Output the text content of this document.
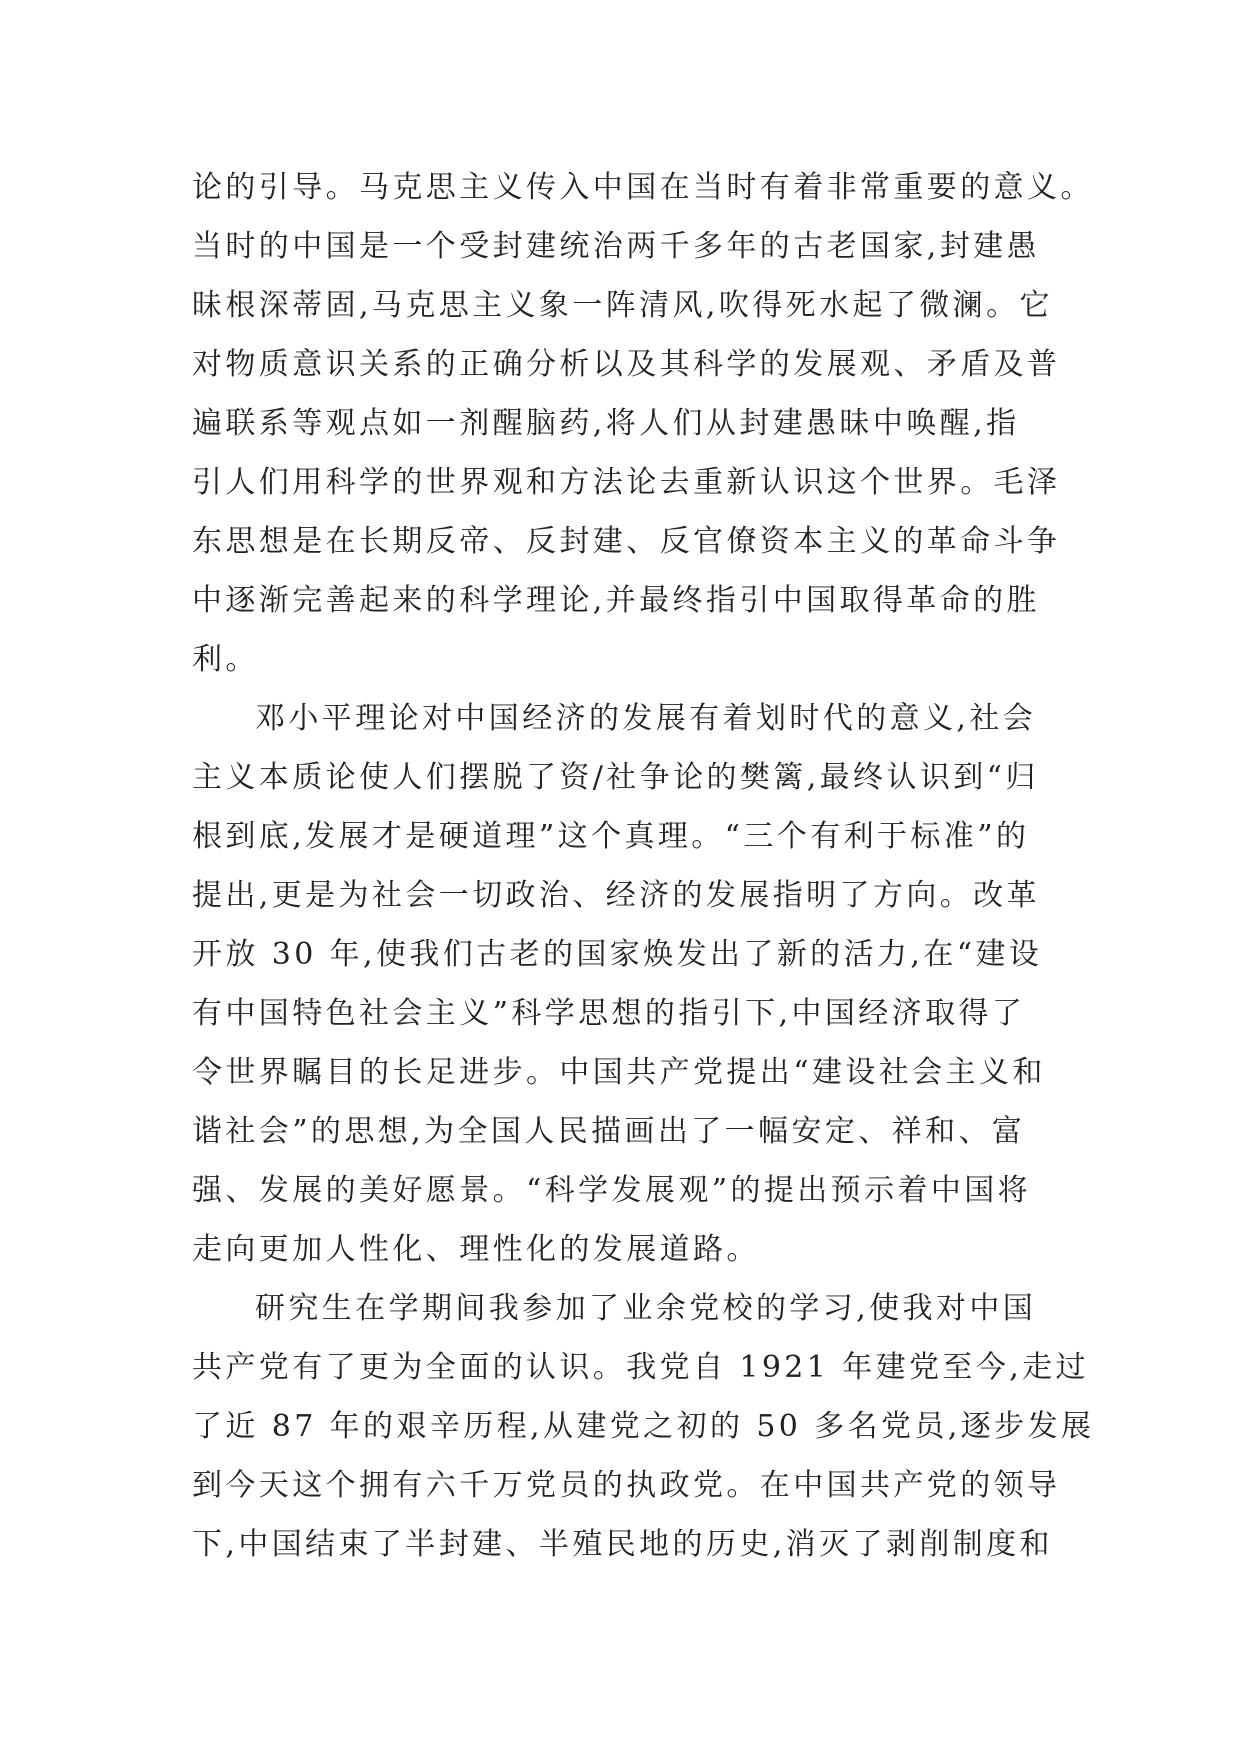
论的引导。马克思主义传入中国在当时有着非常重要的意义。
当时的中国是一个受封建统治两千多年的古老国家,封建愚
昧根深蒂固,马克思主义象一阵清风,吹得死水起了微澜。它
对物质意识关系的正确分析以及其科学的发展观、矛盾及普
遍联系等观点如一剂醒脑药,将人们从封建愚昧中唤醒,指
引人们用科学的世界观和方法论去重新认识这个世界。毛泽
东思想是在长期反帝、反封建、反官僚资本主义的革命斗争
中逐渐完善起来的科学理论,并最终指引中国取得革命的胜
利。
邓小平理论对中国经济的发展有着划时代的意义,社会
主义本质论使人们摆脱了资/社争论的樊篱,最终认识到“归
根到底,发展才是硬道理”这个真理。“三个有利于标准”的
提出,更是为社会一切政治、经济的发展指明了方向。改革
开放 30 年,使我们古老的国家焕发出了新的活力,在“建设
有中国特色社会主义”科学思想的指引下,中国经济取得了
令世界瞩目的长足进步。中国共产党提出“建设社会主义和
谐社会”的思想,为全国人民描画出了一幅安定、祥和、富
强、发展的美好愿景。“科学发展观”的提出预示着中国将
走向更加人性化、理性化的发展道路。
研究生在学期间我参加了业余党校的学习,使我对中国
共产党有了更为全面的认识。我党自 1921 年建党至今,走过
了近 87 年的艰辛历程,从建党之初的 50 多名党员,逐步发展
到今天这个拥有六千万党员的执政党。在中国共产党的领导
下,中国结束了半封建、半殖民地的历史,消灭了剥削制度和
